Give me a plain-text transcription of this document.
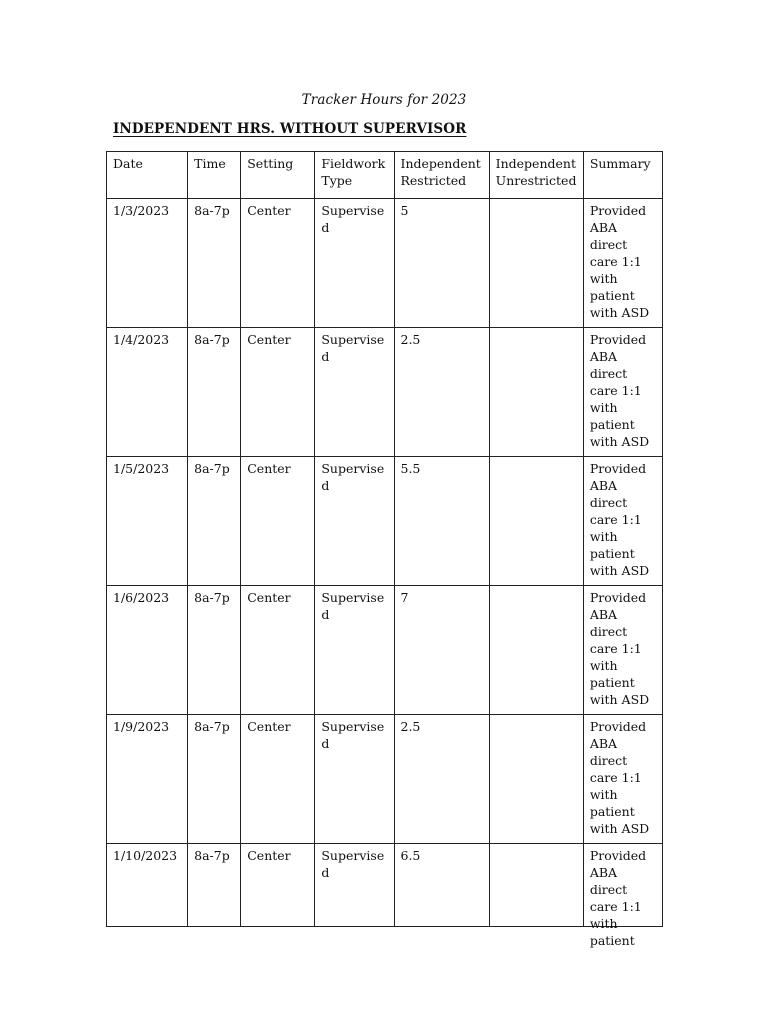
Tracker Hours for 2023
INDEPENDENT HRS. WITHOUT SUPERVISOR
Date	Time	Setting	Fieldwork Type	Independent Restricted	Independent Unrestricted	Summary
1/3/2023	8a-7p	Center	Supervised	5		Provided ABA direct care 1:1 with patient with ASD
1/4/2023	8a-7p	Center	Supervised	2.5		Provided ABA direct care 1:1 with patient with ASD
1/5/2023	8a-7p	Center	Supervised	5.5		Provided ABA direct care 1:1 with patient with ASD
1/6/2023	8a-7p	Center	Supervised	7		Provided ABA direct care 1:1 with patient with ASD
1/9/2023	8a-7p	Center	Supervised	2.5		Provided ABA direct care 1:1 with patient with ASD

1/10/2023	8a-7p	Center	Supervised	6.5		Provided ABA direct care 1:1 with patient
